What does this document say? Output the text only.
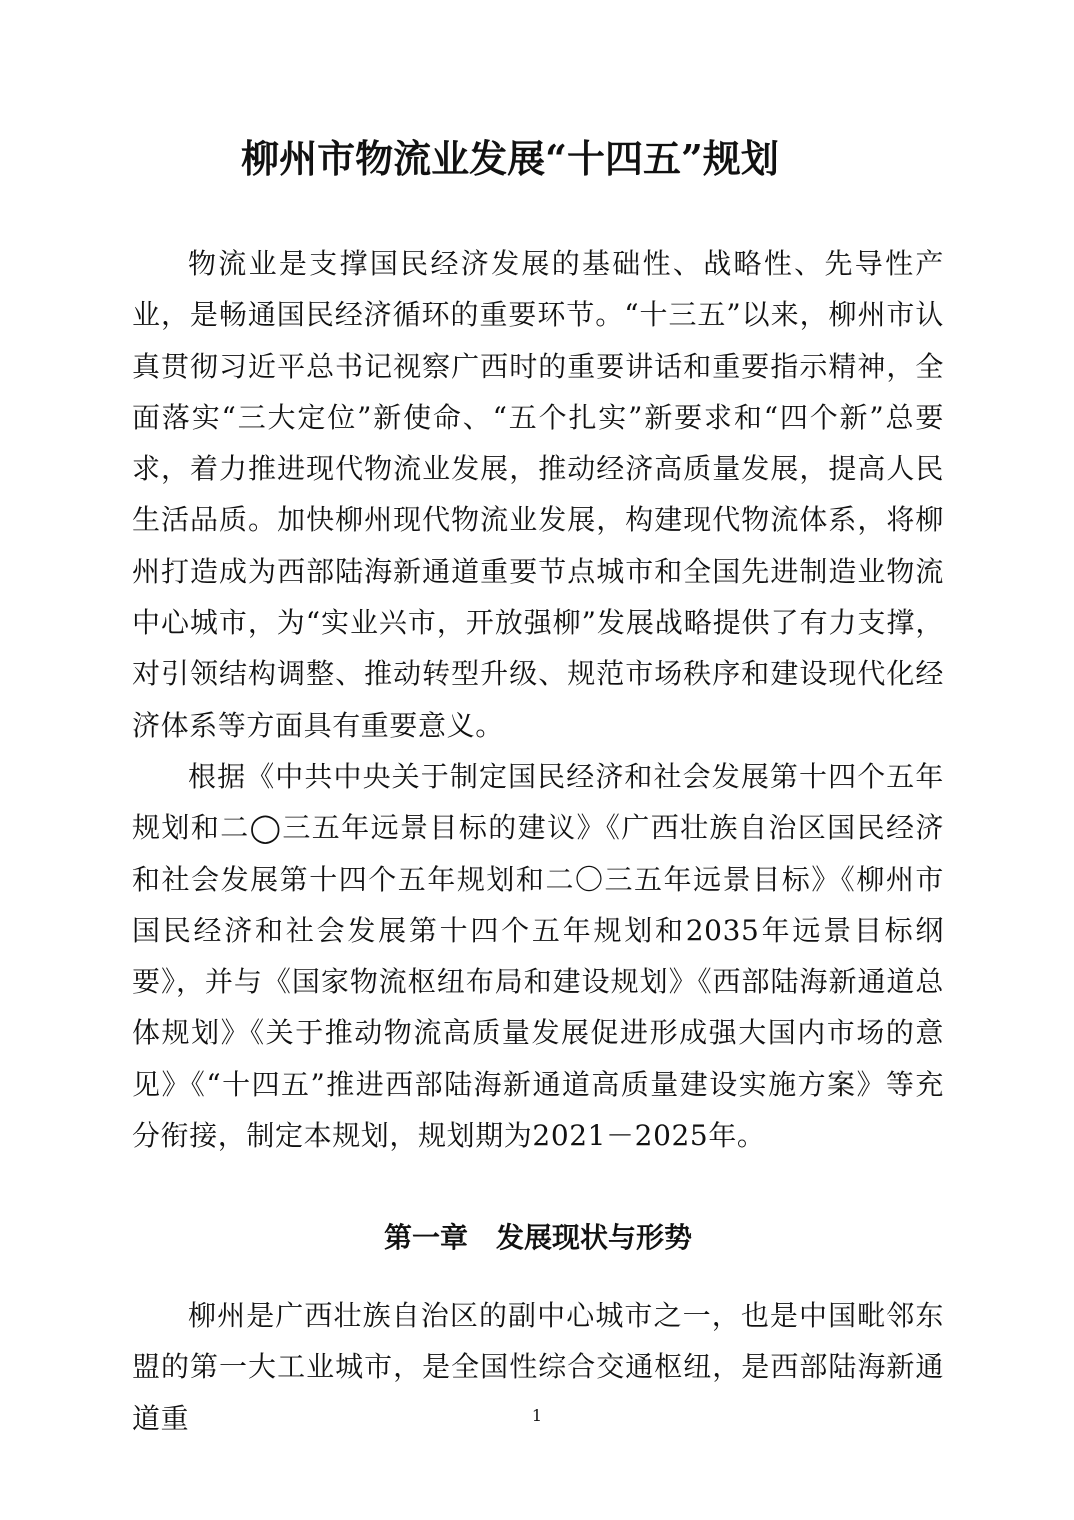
柳州市物流业发展“十四五”规划

物流业是支撑国民经济发展的基础性、战略性、先导性产业，是畅通国民经济循环的重要环节。“十三五”以来，柳州市认真贯彻习近平总书记视察广西时的重要讲话和重要指示精神，全面落实“三大定位”新使命、“五个扎实”新要求和“四个新”总要求，着力推进现代物流业发展，推动经济高质量发展，提高人民生活品质。加快柳州现代物流业发展，构建现代物流体系，将柳州打造成为西部陆海新通道重要节点城市和全国先进制造业物流中心城市，为“实业兴市，开放强柳”发展战略提供了有力支撑，对引领结构调整、推动转型升级、规范市场秩序和建设现代化经济体系等方面具有重要意义。

根据《中共中央关于制定国民经济和社会发展第十四个五年规划和二◯三五年远景目标的建议》《广西壮族自治区国民经济和社会发展第十四个五年规划和二〇三五年远景目标》《柳州市国民经济和社会发展第十四个五年规划和2035年远景目标纲要》，并与《国家物流枢纽布局和建设规划》《西部陆海新通道总体规划》《关于推动物流高质量发展促进形成强大国内市场的意见》《“十四五”推进西部陆海新通道高质量建设实施方案》等充分衔接，制定本规划，规划期为2021－2025年。

第一章　发展现状与形势

柳州是广西壮族自治区的副中心城市之一，也是中国毗邻东盟的第一大工业城市，是全国性综合交通枢纽，是西部陆海新通道重	1
